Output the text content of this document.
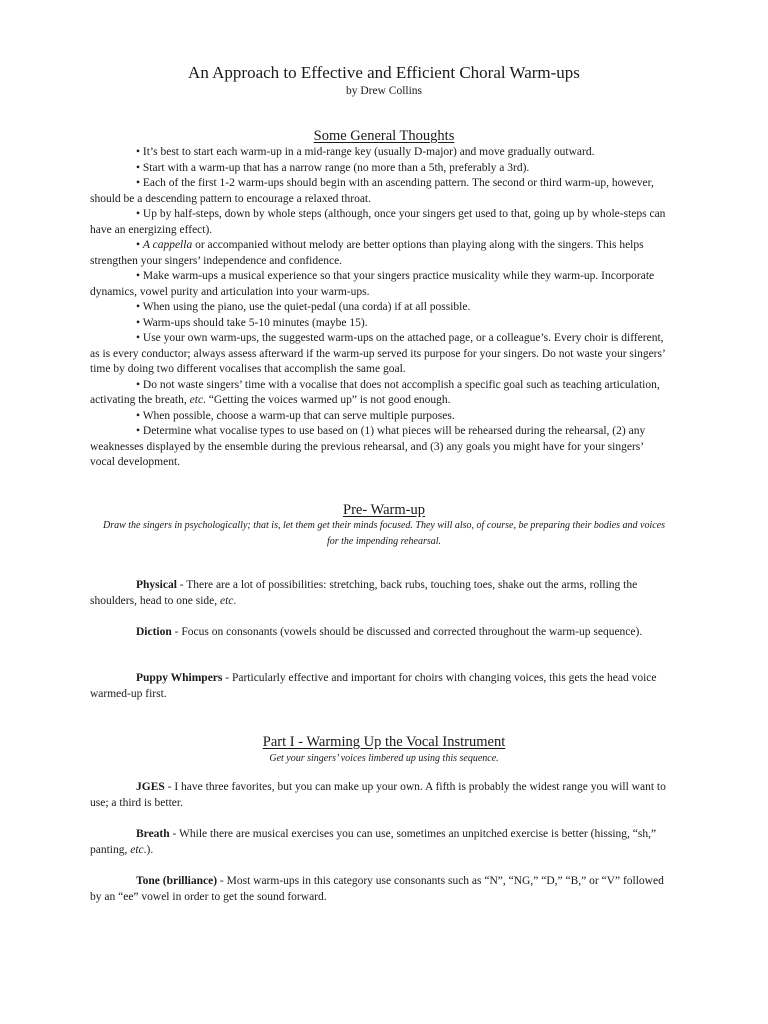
An Approach to Effective and Efficient Choral Warm-ups
by Drew Collins
Some General Thoughts

• It’s best to start each warm-up in a mid-range key (usually D-major) and move gradually outward.

• Start with a warm-up that has a narrow range (no more than a 5th, preferably a 3rd).

• Each of the first 1-2 warm-ups should begin with an ascending pattern. The second or third warm-up, however, should be a descending pattern to encourage a relaxed throat.

• Up by half-steps, down by whole steps (although, once your singers get used to that, going up by whole-steps can have an energizing effect).

• A cappella or accompanied without melody are better options than playing along with the singers. This helps strengthen your singers’ independence and confidence.

• Make warm-ups a musical experience so that your singers practice musicality while they warm-up. Incorporate dynamics, vowel purity and articulation into your warm-ups.

• When using the piano, use the quiet-pedal (una corda) if at all possible.

• Warm-ups should take 5-10 minutes (maybe 15).

• Use your own warm-ups, the suggested warm-ups on the attached page, or a colleague’s. Every choir is different, as is every conductor; always assess afterward if the warm-up served its purpose for your singers. Do not waste your singers’ time by doing two different vocalises that accomplish the same goal.

• Do not waste singers’ time with a vocalise that does not accomplish a specific goal such as teaching articulation, activating the breath, etc. “Getting the voices warmed up” is not good enough.

• When possible, choose a warm-up that can serve multiple purposes.

• Determine what vocalise types to use based on (1) what pieces will be rehearsed during the rehearsal, (2) any weaknesses displayed by the ensemble during the previous rehearsal, and (3) any goals you might have for your singers’ vocal development.

Pre- Warm-up
Draw the singers in psychologically; that is, let them get their minds focused. They will also, of course, be preparing their bodies and voices for the impending rehearsal.

Physical - There are a lot of possibilities: stretching, back rubs, touching toes, shake out the arms, rolling the shoulders, head to one side, etc.

Diction - Focus on consonants (vowels should be discussed and corrected throughout the warm-up sequence).

Puppy Whimpers - Particularly effective and important for choirs with changing voices, this gets the head voice warmed-up first.

Part I - Warming Up the Vocal Instrument
Get your singers’ voices limbered up using this sequence.

JGES - I have three favorites, but you can make up your own. A fifth is probably the widest range you will want to use; a third is better.

Breath - While there are musical exercises you can use, sometimes an unpitched exercise is better (hissing, “sh,” panting, etc.).

Tone (brilliance) - Most warm-ups in this category use consonants such as “N”, “NG,” “D,” “B,” or “V” followed by an “ee” vowel in order to get the sound forward.
